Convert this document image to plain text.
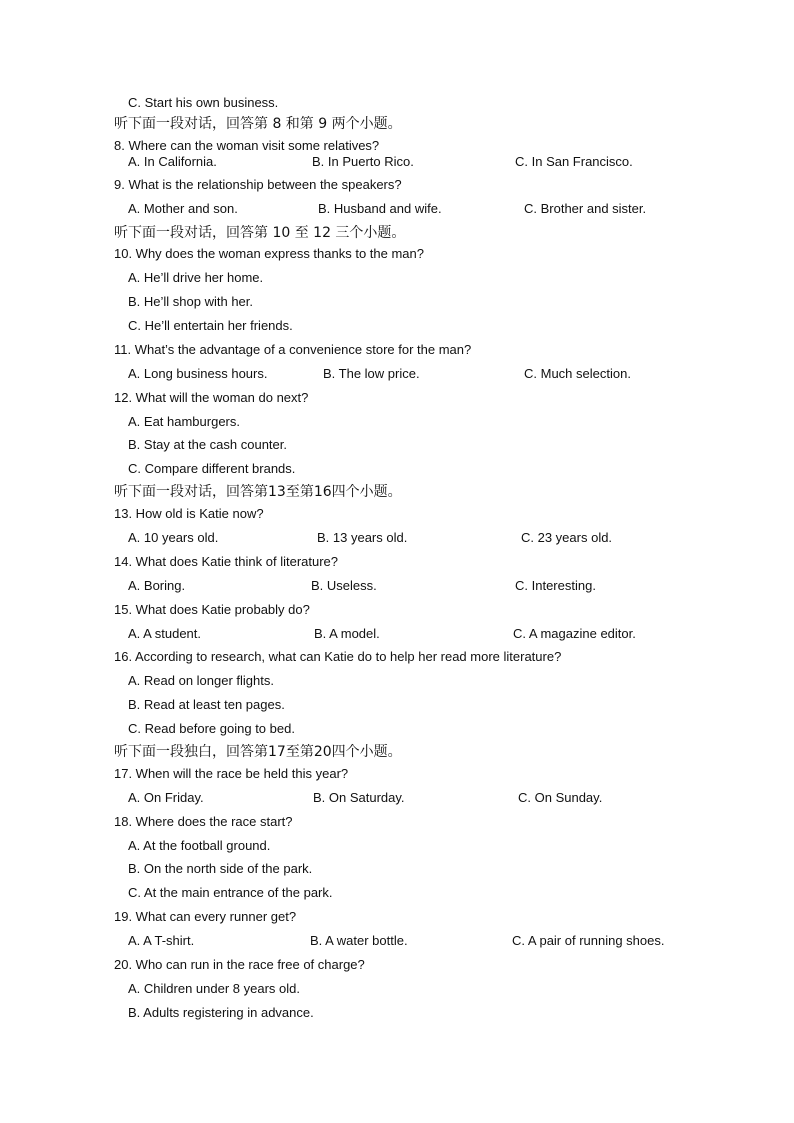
C. Start his own business.
听下面一段对话，回答第 8 和第 9 两个小题。
8. Where can the woman visit some relatives?
A. In California.	B. In Puerto Rico.	C. In San Francisco.
9. What is the relationship between the speakers?
A. Mother and son.	B. Husband and wife.	C. Brother and sister.
听下面一段对话，回答第 10 至 12 三个小题。
10. Why does the woman express thanks to the man?
A. He’ll drive her home.
B. He’ll shop with her.
C. He’ll entertain her friends.
11. What’s the advantage of a convenience store for the man?
A. Long business hours.	B. The low price.	C. Much selection.
12. What will the woman do next?
A. Eat hamburgers.
B. Stay at the cash counter.
C. Compare different brands.
听下面一段对话，回答第13至第16四个小题。
13. How old is Katie now?
A. 10 years old.	B. 13 years old.	C. 23 years old.
14. What does Katie think of literature?
A. Boring.	B. Useless.	C. Interesting.
15. What does Katie probably do?
A. A student.	B. A model.	C. A magazine editor.
16. According to research, what can Katie do to help her read more literature?
A. Read on longer flights.
B. Read at least ten pages.
C. Read before going to bed.
听下面一段独白，回答第17至第20四个小题。
17. When will the race be held this year?
A. On Friday.	B. On Saturday.	C. On Sunday.
18. Where does the race start?
A. At the football ground.
B. On the north side of the park.
C. At the main entrance of the park.
19. What can every runner get?
A. A T-shirt.	B. A water bottle.	C. A pair of running shoes.
20. Who can run in the race free of charge?
A. Children under 8 years old.
B. Adults registering in advance.
